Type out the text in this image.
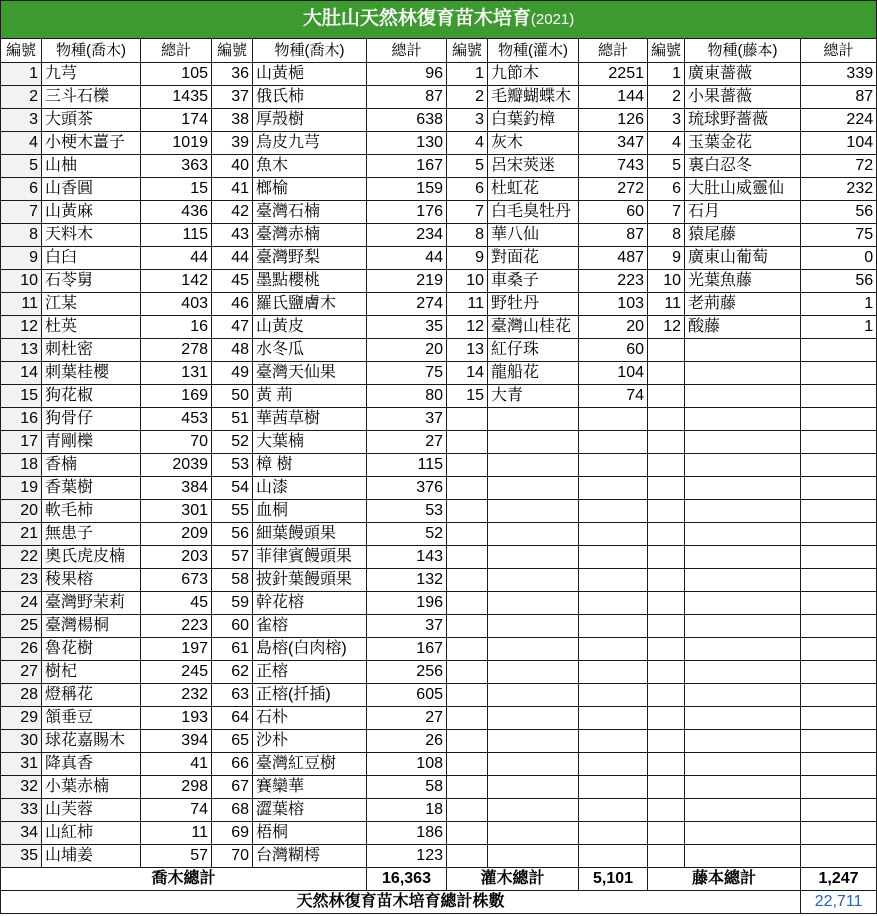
大肚山天然林復育苗木培育(2021)											
編號	物種(喬木)	總計	編號	物種(喬木)	總計	編號	物種(灌木)	總計	編號	物種(藤本)	總計
1	九芎	105	36	山黃梔	96	1	九節木	2251	1	廣東薔薇	339
2	三斗石櫟	1435	37	俄氏柿	87	2	毛瓣蝴蝶木	144	2	小果薔薇	87
3	大頭茶	174	38	厚殼樹	638	3	白葉釣樟	126	3	琉球野薔薇	224
4	小梗木薑子	1019	39	烏皮九芎	130	4	灰木	347	4	玉葉金花	104
5	山柚	363	40	魚木	167	5	呂宋莢迷	743	5	裏白忍冬	72
6	山香圓	15	41	榔榆	159	6	杜虹花	272	6	大肚山威靈仙	232
7	山黃麻	436	42	臺灣石楠	176	7	白毛臭牡丹	60	7	石月	56
8	天料木	115	43	臺灣赤楠	234	8	華八仙	87	8	猿尾藤	75
9	白臼	44	44	臺灣野梨	44	9	對面花	487	9	廣東山葡萄	0
10	石苓舅	142	45	墨點櫻桃	219	10	車桑子	223	10	光葉魚藤	56
11	江某	403	46	羅氏鹽膚木	274	11	野牡丹	103	11	老荊藤	1
12	杜英	16	47	山黃皮	35	12	臺灣山桂花	20	12	酸藤	1
13	刺杜密	278	48	水冬瓜	20	13	紅仔珠	60			
14	刺葉桂櫻	131	49	臺灣天仙果	75	14	龍船花	104			
15	狗花椒	169	50	黃 荊	80	15	大青	74			
16	狗骨仔	453	51	華茜草樹	37						
17	青剛櫟	70	52	大葉楠	27						
18	香楠	2039	53	樟 樹	115						
19	香葉樹	384	54	山漆	376						
20	軟毛柿	301	55	血桐	53						
21	無患子	209	56	細葉饅頭果	52						
22	奧氏虎皮楠	203	57	菲律賓饅頭果	143						
23	稜果榕	673	58	披針葉饅頭果	132						
24	臺灣野茉莉	45	59	幹花榕	196						
25	臺灣楊桐	223	60	雀榕	37						
26	魯花樹	197	61	島榕(白肉榕)	167						
27	樹杞	245	62	正榕	256						
28	燈稱花	232	63	正榕(扦插)	605						
29	頷垂豆	193	64	石朴	27						
30	球花嘉賜木	394	65	沙朴	26						
31	降真香	41	66	臺灣紅豆樹	108						
32	小葉赤楠	298	67	賽欒華	58						
33	山芙蓉	74	68	澀葉榕	18						
34	山紅柿	11	69	梧桐	186						
35	山埔姜	57	70	台灣糊樗	123						
喬木總計					16,363	灌木總計		5,101	藤本總計		1,247
天然林復育苗木培育總計株數											22,711
